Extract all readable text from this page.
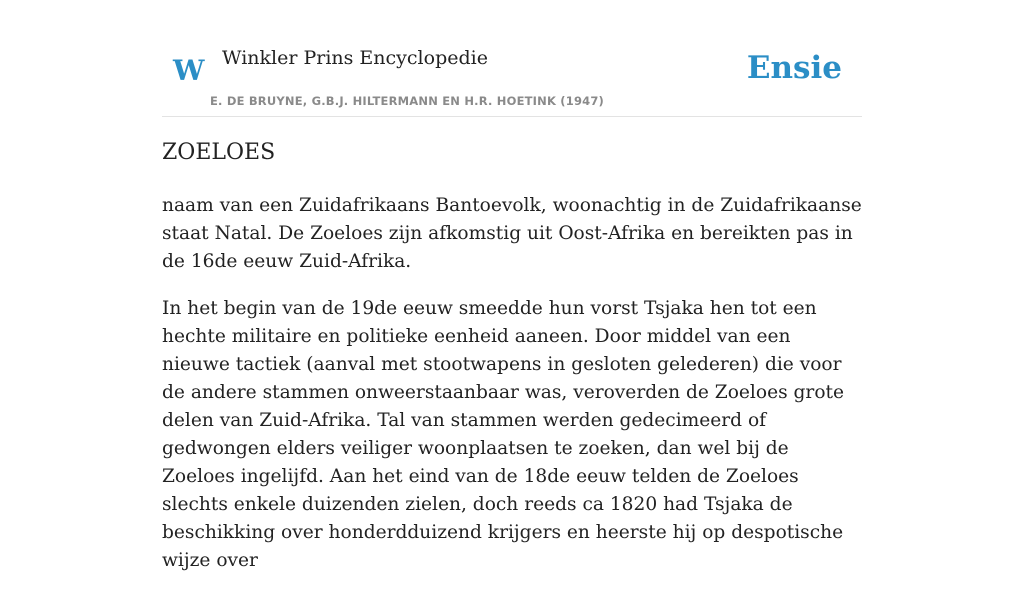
W Winkler Prins Encyclopedie
E. DE BRUYNE, G.B.J. HILTERMANN EN H.R. HOETINK (1947)
Ensie
ZOELOES

naam van een Zuidafrikaans Bantoevolk, woonachtig in de Zuidafrikaanse staat Natal. De Zoeloes zijn afkomstig uit Oost-Afrika en bereikten pas in de 16de eeuw Zuid-Afrika.

In het begin van de 19de eeuw smeedde hun vorst Tsjaka hen tot een hechte militaire en politieke eenheid aaneen. Door middel van een nieuwe tactiek (aanval met stootwapens in gesloten gelederen) die voor de andere stammen onweerstaanbaar was, veroverden de Zoeloes grote delen van Zuid-Afrika. Tal van stammen werden gedecimeerd of gedwongen elders veiliger woonplaatsen te zoeken, dan wel bij de Zoeloes ingelijfd. Aan het eind van de 18de eeuw telden de Zoeloes slechts enkele duizenden zielen, doch reeds ca 1820 had Tsjaka de beschikking over honderdduizend krijgers en heerste hij op despotische wijze over
